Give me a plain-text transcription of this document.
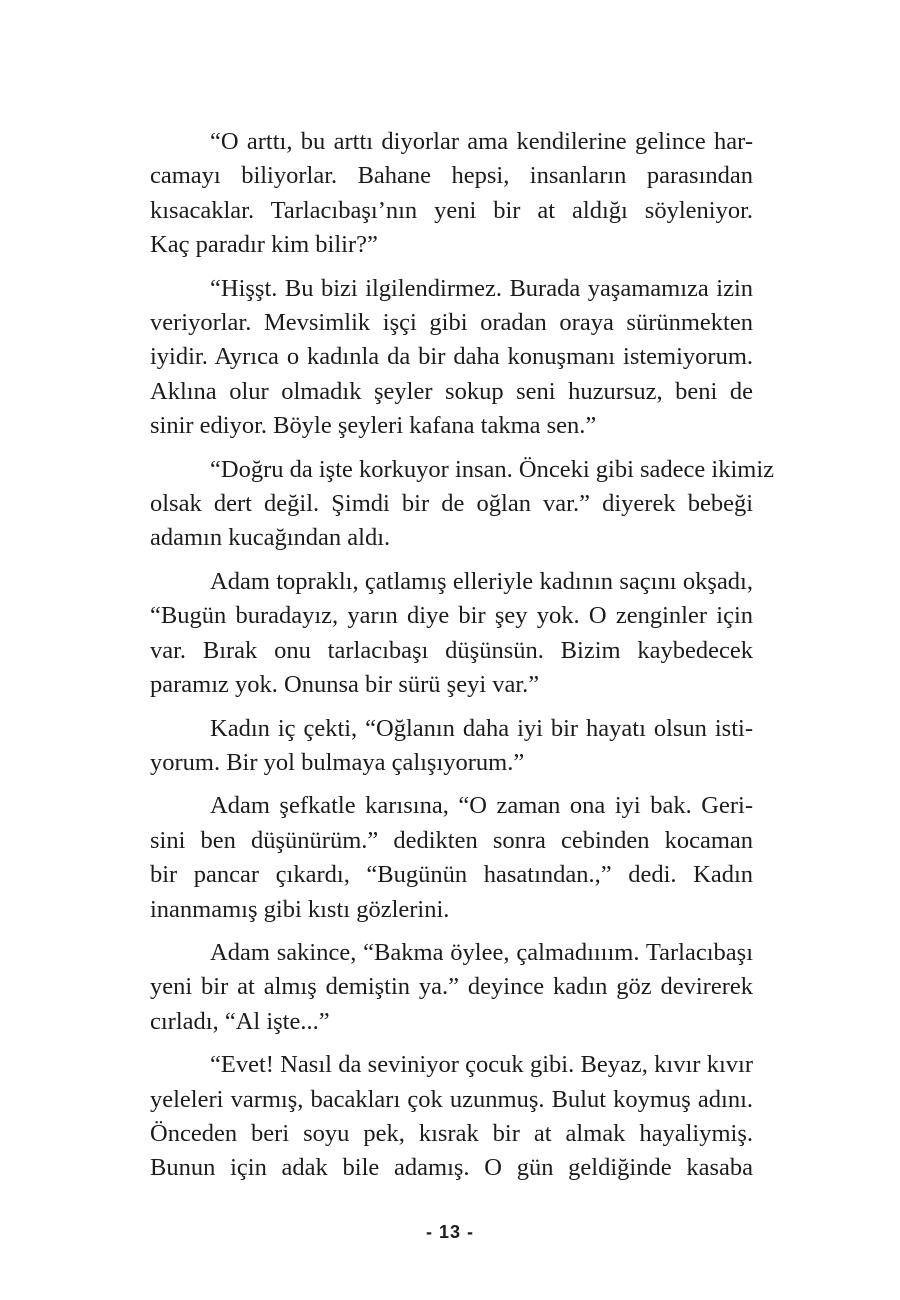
“O arttı, bu arttı diyorlar ama kendilerine gelince har-
camayı biliyorlar. Bahane hepsi, insanların parasından
kısacaklar. Tarlacıbaşı’nın yeni bir at aldığı söyleniyor.
Kaç paradır kim bilir?”
“Hişşt. Bu bizi ilgilendirmez. Burada yaşamamıza izin
veriyorlar. Mevsimlik işçi gibi oradan oraya sürünmekten
iyidir. Ayrıca o kadınla da bir daha konuşmanı istemiyorum.
Aklına olur olmadık şeyler sokup seni huzursuz, beni de
sinir ediyor. Böyle şeyleri kafana takma sen.”
“Doğru da işte korkuyor insan. Önceki gibi sadece ikimiz
olsak dert değil. Şimdi bir de oğlan var.” diyerek bebeği
adamın kucağından aldı.
Adam topraklı, çatlamış elleriyle kadının saçını okşadı,
“Bugün buradayız, yarın diye bir şey yok. O zenginler için
var. Bırak onu tarlacıbaşı düşünsün. Bizim kaybedecek
paramız yok. Onunsa bir sürü şeyi var.”
Kadın iç çekti, “Oğlanın daha iyi bir hayatı olsun isti-
yorum. Bir yol bulmaya çalışıyorum.”
Adam şefkatle karısına, “O zaman ona iyi bak. Geri-
sini ben düşünürüm.” dedikten sonra cebinden kocaman
bir pancar çıkardı, “Bugünün hasatından.,” dedi. Kadın
inanmamış gibi kıstı gözlerini.
Adam sakince, “Bakma öylee, çalmadıııım. Tarlacıbaşı
yeni bir at almış demiştin ya.” deyince kadın göz devirerek
cırladı, “Al işte...”
“Evet! Nasıl da seviniyor çocuk gibi. Beyaz, kıvır kıvır
yeleleri varmış, bacakları çok uzunmuş. Bulut koymuş adını.
Önceden beri soyu pek, kısrak bir at almak hayaliymiş.
Bunun için adak bile adamış. O gün geldiğinde kasaba
- 13 -
